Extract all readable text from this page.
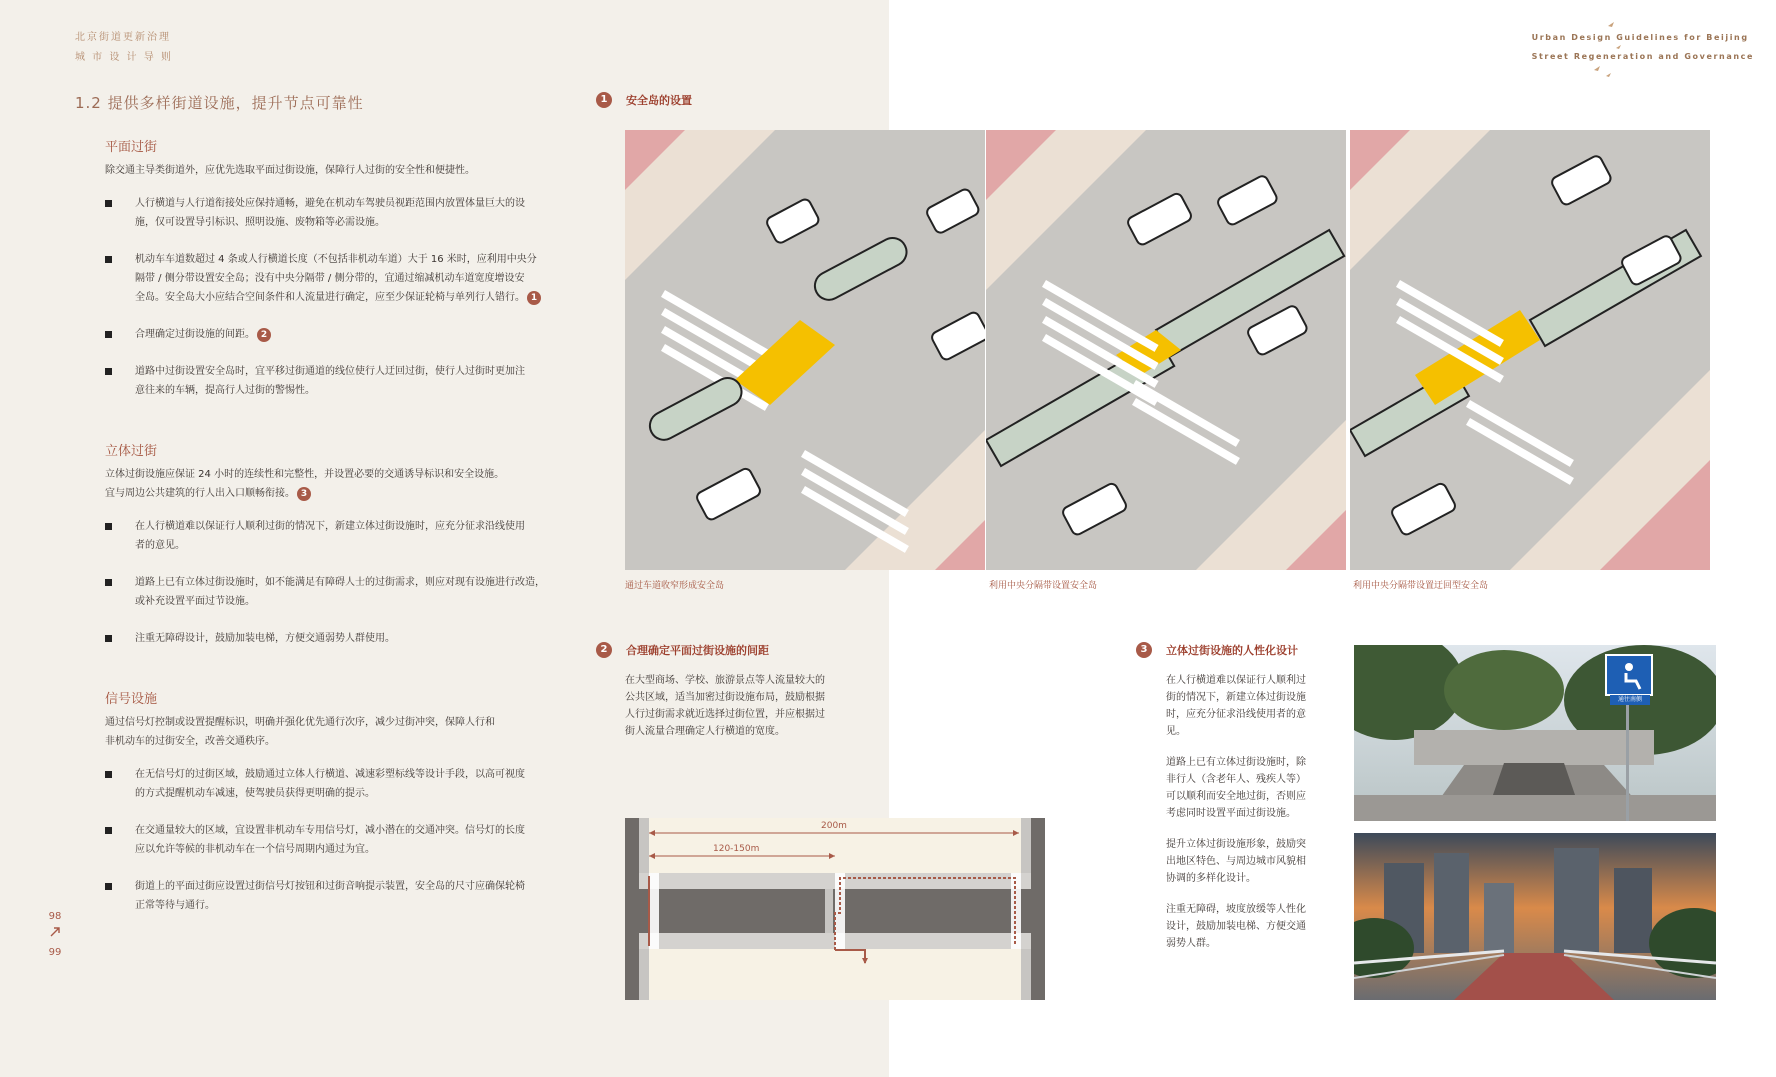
北京街道更新治理
城 市 设 计 导 则
1.2 提供多样街道设施，提升节点可靠性
平面过街
除交通主导类街道外，应优先选取平面过街设施，保障行人过街的安全性和便捷性。
人行横道与人行道衔接处应保持通畅，避免在机动车驾驶员视距范围内放置体量巨大的设
施，仅可设置导引标识、照明设施、废物箱等必需设施。
机动车车道数超过 4 条或人行横道长度（不包括非机动车道）大于 16 米时，应利用中央分
隔带 / 侧分带设置安全岛；没有中央分隔带 / 侧分带的，宜通过缩减机动车道宽度增设安
全岛。安全岛大小应结合空间条件和人流量进行确定，应至少保证轮椅与单列行人错行。 1
合理确定过街设施的间距。 2
道路中过街设置安全岛时，宜平移过街通道的线位使行人迂回过街，使行人过街时更加注
意往来的车辆，提高行人过街的警惕性。
立体过街
立体过街设施应保证 24 小时的连续性和完整性，并设置必要的交通诱导标识和安全设施。
宜与周边公共建筑的行人出入口顺畅衔接。 3
在人行横道难以保证行人顺利过街的情况下，新建立体过街设施时，应充分征求沿线使用
者的意见。
道路上已有立体过街设施时，如不能满足有障碍人士的过街需求，则应对现有设施进行改造，
或补充设置平面过节设施。
注重无障碍设计，鼓励加装电梯，方便交通弱势人群使用。
信号设施
通过信号灯控制或设置提醒标识，明确并强化优先通行次序，减少过街冲突，保障人行和
非机动车的过街安全，改善交通秩序。
在无信号灯的过街区域，鼓励通过立体人行横道、减速彩塑标线等设计手段，以高可视度
的方式提醒机动车减速，使驾驶员获得更明确的提示。
在交通量较大的区域，宜设置非机动车专用信号灯，减小潜在的交通冲突。信号灯的长度
应以允许等候的非机动车在一个信号周期内通过为宜。
街道上的平面过街应设置过街信号灯按钮和过街音响提示装置，安全岛的尺寸应确保轮椅
正常等待与通行。
98
99
Urban Design Guidelines for Beijing
Street Regeneration and Governance
1	安全岛的设置
通过车道收窄形成安全岛	利用中央分隔带设置安全岛	利用中央分隔带设置迂回型安全岛
2	合理确定平面过街设施的间距
在大型商场、学校、旅游景点等人流量较大的
公共区域，适当加密过街设施布局，鼓励根据
人行过街需求就近选择过街位置，并应根据过
街人流量合理确定人行横道的宽度。
200m
120-150m
3	立体过街设施的人性化设计
在人行横道难以保证行人顺利过
街的情况下，新建立体过街设施
时，应充分征求沿线使用者的意
见。
道路上已有立体过街设施时，除
非行人（含老年人、残疾人等）
可以顺利而安全地过街，否则应
考虑同时设置平面过街设施。
提升立体过街设施形象，鼓励突
出地区特色、与周边城市风貌相
协调的多样化设计。
注重无障碍，坡度放缓等人性化
设计，鼓励加装电梯、方便交通
弱势人群。
通往南侧
